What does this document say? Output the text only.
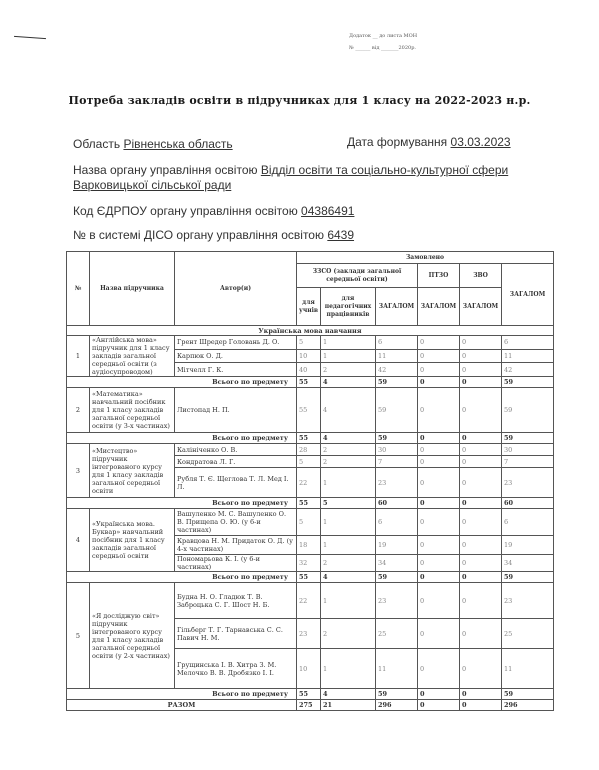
Додаток __ до листа МОН
№ ______ від _______2020р.
Потреба закладів освіти в підручниках для 1 класу на 2022-2023 н.р.
Область Рівненська область	Дата формування 03.03.2023
Назва органу управління освітою Відділ освіти та соціально-культурної сфери
Варковицької сільської ради
Код ЄДРПОУ органу управління освітою 04386491
№ в системі ДІСО органу управління освітою 6439
№	Назва підручника	Автор(и)	Замовлено					
			ЗЗСО (заклади загальної середньої освіти)			ПТЗО	ЗВО	ЗАГАЛОМ
			для учнів	для педагогічних працівників	ЗАГАЛОМ	ЗАГАЛОМ	ЗАГАЛОМ	
Українська мова навчання								
1	«Англійська мова» підручник для 1 класу закладів загальної середньої освіти (з аудіосупроводом)	Грент Шредер Головань Д. О.	5	1	6	0	0	6
		Карпюк О. Д.	10	1	11	0	0	11
		Мітчелл Г. К.	40	2	42	0	0	42
Всього по предмету			55	4	59	0	0	59
2	«Математика» навчальний посібник для 1 класу закладів загальної середньої освіти (у 3-х частинах)	Листопад Н. П.	55	4	59	0	0	59
Всього по предмету			55	4	59	0	0	59
3	«Мистецтво» підручник інтегрованого курсу для 1 класу закладів загальної середньої освіти	Калініченко О. В.	28	2	30	0	0	30
		Кондратова Л. Г.	5	2	7	0	0	7
		Рубля Т. Є. Щеглова Т. Л. Мед І. Л.	22	1	23	0	0	23
Всього по предмету			55	5	60	0	0	60
4	«Українська мова. Буквар» навчальний посібник для 1 класу закладів загальної середньої освіти	Вашуленко М. С. Вашуленко О. В. Прищепа О. Ю. (у 6-и частинах)	5	1	6	0	0	6
		Кравцова Н. М. Придаток О. Д. (у 4-х частинах)	18	1	19	0	0	19
		Пономарьова К. І. (у 6-и частинах)	32	2	34	0	0	34
Всього по предмету			55	4	59	0	0	59
5	«Я досліджую світ» підручник інтегрованого курсу для 1 класу закладів загальної середньої освіти (у 2-х частинах)	Будна Н. О. Гладюк Т. В. Заброцька С. Г. Шост Н. Б.	22	1	23	0	0	23
		Гільберг Т. Г. Тарнавська С. С. Павич Н. М.	23	2	25	0	0	25
		Грущинська І. В. Хитра З. М. Мелочко В. В. Дробязко І. І.	10	1	11	0	0	11
Всього по предмету			55	4	59	0	0	59
РАЗОМ			275	21	296	0	0	296
